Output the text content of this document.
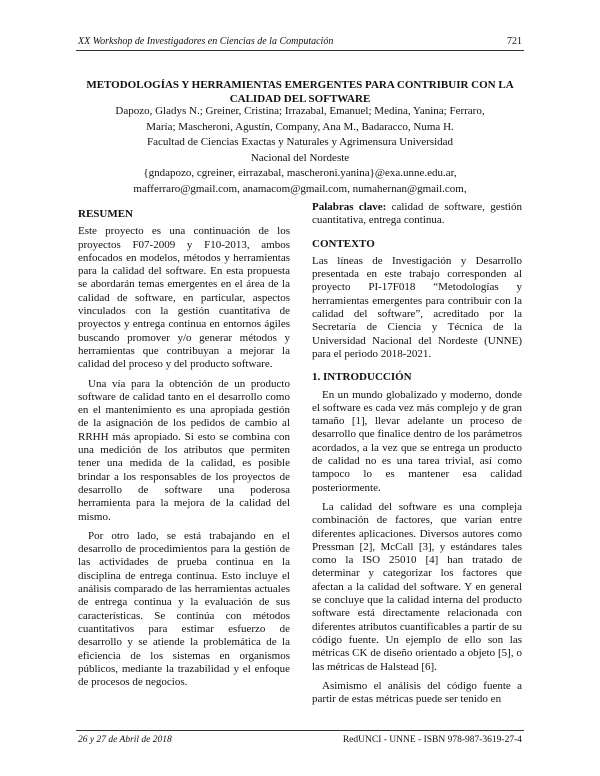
XX Workshop de Investigadores en Ciencias de la Computación	721
METODOLOGÍAS Y HERRAMIENTAS EMERGENTES PARA CONTRIBUIR CON LA CALIDAD DEL SOFTWARE
Dapozo, Gladys N.; Greiner, Cristina; Irrazabal, Emanuel; Medina, Yanina; Ferraro,
María; Mascheroni, Agustín, Company, Ana M., Badaracco, Numa H.
Facultad de Ciencias Exactas y Naturales y Agrimensura Universidad
Nacional del Nordeste
{gndapozo, cgreiner, eirrazabal, mascheroni.yanina}@exa.unne.edu.ar,
mafferraro@gmail.com, anamacom@gmail.com, numahernan@gmail.com,
RESUMEN

Este proyecto es una continuación de los proyectos F07-2009 y F10-2013, ambos enfocados en modelos, métodos y herramientas para la calidad del software. En esta propuesta se abordarán temas emergentes en el área de la calidad de software, en particular, aspectos vinculados con la gestión cuantitativa de proyectos y entrega continua en entornos ágiles buscando promover y/o generar métodos y herramientas que contribuyan a mejorar la calidad del proceso y del producto software.

Una vía para la obtención de un producto software de calidad tanto en el desarrollo como en el mantenimiento es una apropiada gestión de la asignación de los pedidos de cambio al RRHH más apropiado. Si esto se combina con una medición de los atributos que permiten tener una medida de la calidad, es posible brindar a los responsables de los proyectos de desarrollo de software una poderosa herramienta para la mejora de la calidad del mismo.

Por otro lado, se está trabajando en el desarrollo de procedimientos para la gestión de las actividades de prueba continua en la disciplina de entrega continua. Esto incluye el análisis comparado de las herramientas actuales de entrega continua y la evaluación de sus características. Se continúa con métodos cuantitativos para estimar esfuerzo de desarrollo y se atiende la problemática de la eficiencia de los sistemas en organismos públicos, mediante la trazabilidad y el enfoque de procesos de negocios.

Palabras clave: calidad de software, gestión cuantitativa, entrega continua.

CONTEXTO

Las líneas de Investigación y Desarrollo presentada en este trabajo corresponden al proyecto PI-17F018 “Metodologías y herramientas emergentes para contribuir con la calidad del software”, acreditado por la Secretaría de Ciencia y Técnica de la Universidad Nacional del Nordeste (UNNE) para el periodo 2018-2021.

1. INTRODUCCIÓN

En un mundo globalizado y moderno, donde el software es cada vez más complejo y de gran tamaño [1], llevar adelante un proceso de desarrollo que finalice dentro de los parámetros acordados, a la vez que se entrega un producto de calidad no es una tarea trivial, así como tampoco lo es mantener esa calidad posteriormente.

La calidad del software es una compleja combinación de factores, que varían entre diferentes aplicaciones. Diversos autores como Pressman [2], McCall [3], y estándares tales como la ISO 25010 [4] han tratado de determinar y categorizar los factores que afectan a la calidad del software. Y en general se concluye que la calidad interna del producto software está directamente relacionada con diferentes atributos cuantificables a partir de su código fuente. Un ejemplo de ello son las métricas CK de diseño orientado a objeto [5], o las métricas de Halstead [6].

Asimismo el análisis del código fuente a partir de estas métricas puede ser tenido en

26 y 27 de Abril de 2018	RedUNCI - UNNE - ISBN 978-987-3619-27-4
